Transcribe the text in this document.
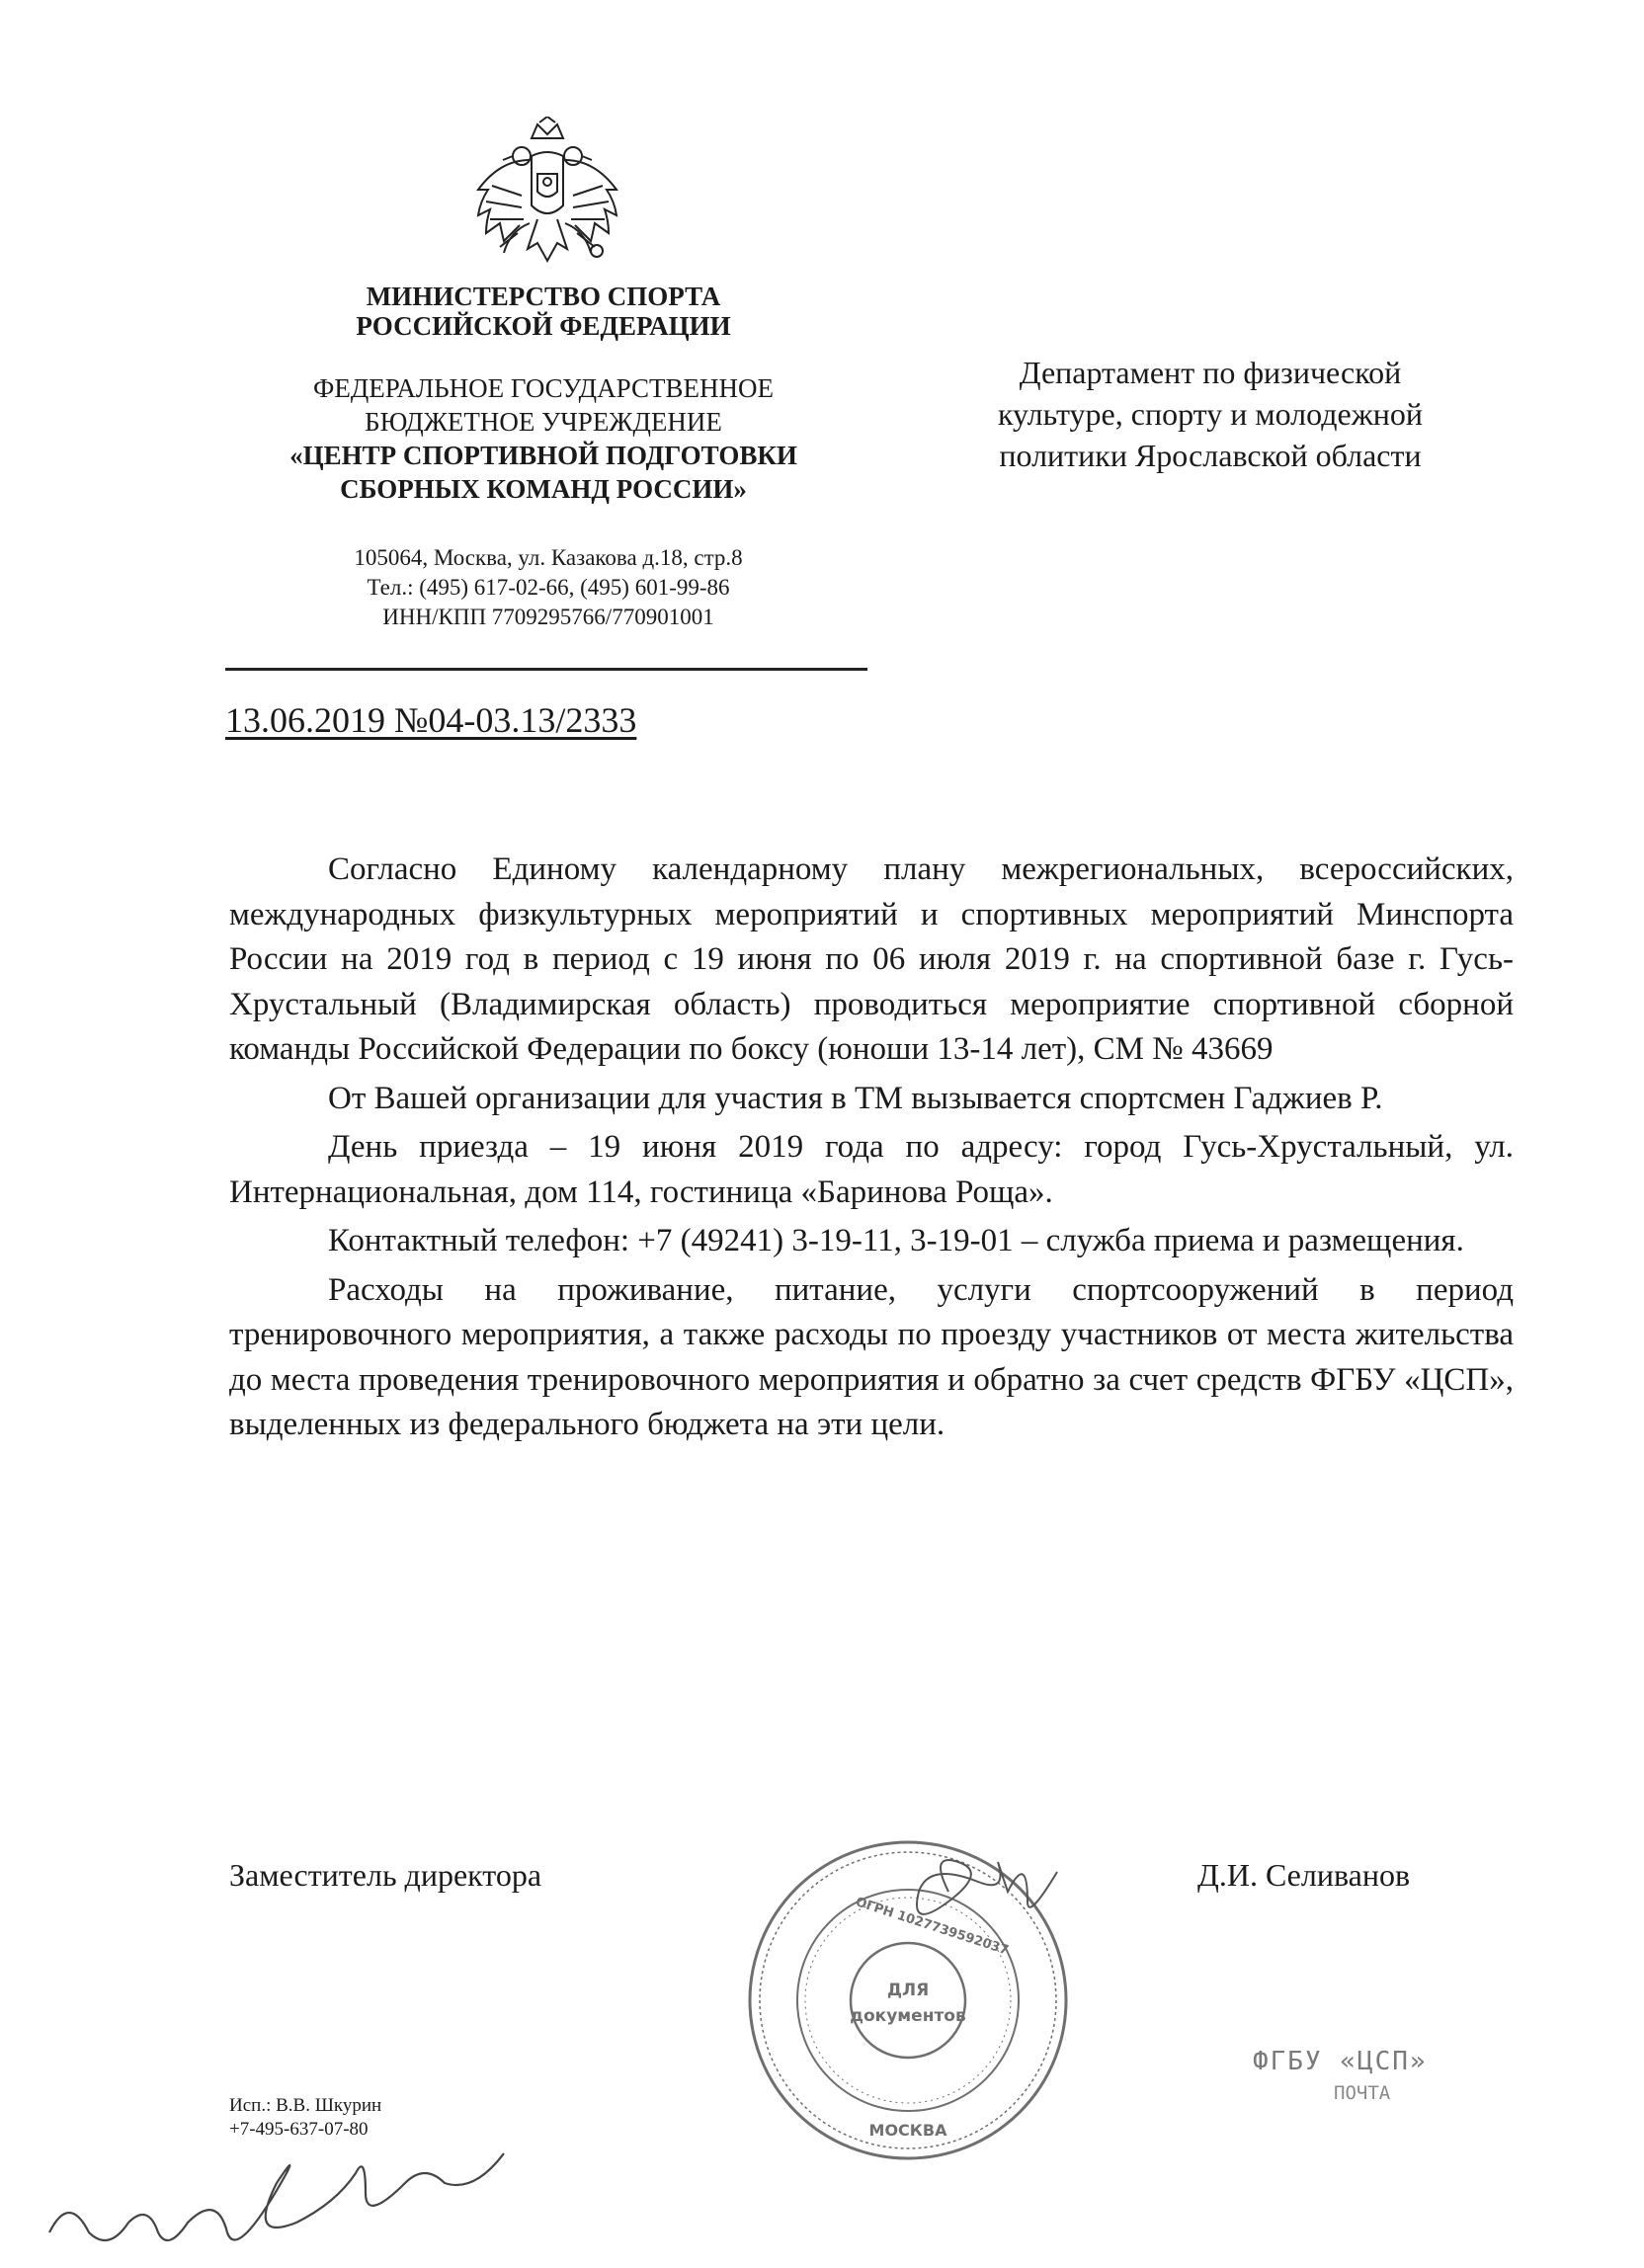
МИНИСТЕРСТВО СПОРТА
РОССИЙСКОЙ ФЕДЕРАЦИИ
ФЕДЕРАЛЬНОЕ ГОСУДАРСТВЕННОЕ
БЮДЖЕТНОЕ УЧРЕЖДЕНИЕ
«ЦЕНТР СПОРТИВНОЙ ПОДГОТОВКИ
СБОРНЫХ КОМАНД РОССИИ»
105064, Москва, ул. Казакова д.18, стр.8
Тел.: (495) 617-02-66, (495) 601-99-86
ИНН/КПП 7709295766/770901001
13.06.2019 №04-03.13/2333
Департамент по физической
культуре, спорту и молодежной
политики Ярославской области

Согласно Единому календарному плану межрегиональных, всероссийских, международных физкультурных мероприятий и спортивных мероприятий Минспорта России на 2019 год в период с 19 июня по 06 июля 2019 г. на спортивной базе г. Гусь-Хрустальный (Владимирская область) проводиться мероприятие спортивной сборной команды Российской Федерации по боксу (юноши 13-14 лет), СМ № 43669

От Вашей организации для участия в ТМ вызывается спортсмен Гаджиев Р.

День приезда – 19 июня 2019 года по адресу: город Гусь-Хрустальный, ул. Интернациональная, дом 114, гостиница «Баринова Роща».

Контактный телефон: +7 (49241) 3-19-11, 3-19-01 – служба приема и размещения.

Расходы на проживание, питание, услуги спортсооружений в период тренировочного мероприятия, а также расходы по проезду участников от места жительства до места проведения тренировочного мероприятия и обратно за счет средств ФГБУ «ЦСП», выделенных из федерального бюджета на эти цели.

ДЛЯ
документов
МОСКВА
ОГРН 1027739592037
Заместитель директора	Д.И. Селиванов
Исп.: В.В. Шкурин
+7-495-637-07-80
ФГБУ «ЦСП»
ПОЧТА
